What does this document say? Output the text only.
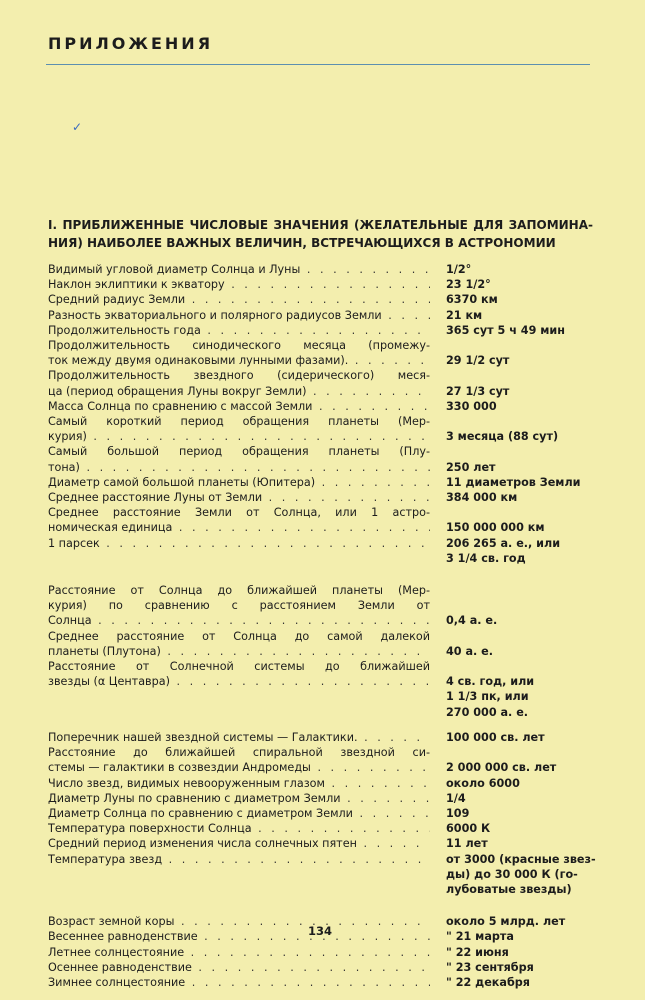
ПРИЛОЖЕНИЯ
I. ПРИБЛИЖЕННЫЕ ЧИСЛОВЫЕ ЗНАЧЕНИЯ (ЖЕЛАТЕЛЬНЫЕ ДЛЯ ЗАПОМИНА- НИЯ) НАИБОЛЕЕ ВАЖНЫХ ВЕЛИЧИН, ВСТРЕЧАЮЩИХСЯ В АСТРОНОМИИ
Видимый угловой диаметр Солнца и Луны . . .	1/2°
Наклон эклиптики к экватору . . .	23 1/2°
Средний радиус Земли . . .	6370 км
Разность экваториального и полярного радиусов Земли . . .	21 км
Продолжительность года . . .	365 сут 5 ч 49 мин
Продолжительность синодического месяца (промежу-
ток между двумя одинаковыми лунными фазами). . . .
	29 1/2 сут
Продолжительность звездного (сидерического) меся-
ца (период обращения Луны вокруг Земли) . . .
	27 1/3 сут
Масса Солнца по сравнению с массой Земли . . .	330 000
Самый короткий период обращения планеты (Мер-
курия) . . .
	3 месяца (88 сут)
Самый большой период обращения планеты (Плу-
тона) . . .
	250 лет
Диаметр самой большой планеты (Юпитера) . . .	11 диаметров Земли
Среднее расстояние Луны от Земли . . .	384 000 км
Среднее расстояние Земли от Солнца, или 1 астро-
номическая единица . . .
	150 000 000 км
1 парсек . . .	206 265 а. е., или
3 1/4 св. год
Расстояние от Солнца до ближайшей планеты (Мер-
курия) по сравнению с расстоянием Земли от
Солнца . . .

	0,4 а. е.
Среднее расстояние от Солнца до самой далекой
планеты (Плутона) . . .
	40 а. е.
Расстояние от Солнечной системы до ближайшей
звезды (α Центавра) . . .
	4 св. год, или
1 1/3 пк, или
270 000 а. е.
Поперечник нашей звездной системы — Галактики. . . .	100 000 св. лет
Расстояние до ближайшей спиральной звездной си-
стемы — галактики в созвездии Андромеды . . .
	2 000 000 св. лет
Число звезд, видимых невооруженным глазом . . .	около 6000
Диаметр Луны по сравнению с диаметром Земли . . .	1/4
Диаметр Солнца по сравнению с диаметром Земли . . .	109
Температура поверхности Солнца . . .	6000 К
Средний период изменения числа солнечных пятен . . .	11 лет
Температура звезд . . .	от 3000 (красные звез-
ды) до 30 000 К (го-
лубоватые звезды)
Возраст земной коры . . .	около 5 млрд. лет
Весеннее равноденствие . . .	" 21 марта
Летнее солнцестояние . . .	" 22 июня
Осеннее равноденствие . . .	" 23 сентября
Зимнее солнцестояние . . .	" 22 декабря
134
✓
